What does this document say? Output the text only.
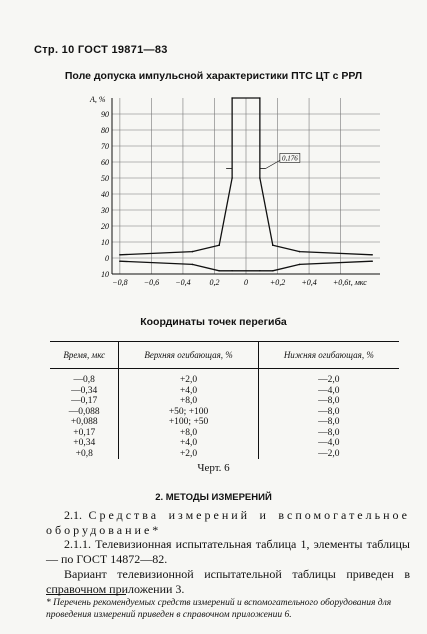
Стр. 10 ГОСТ 19871—83
Поле допуска импульсной характеристики ПТС ЦТ с РРЛ
10
0
10
20
30
40
50
60
70
80
90
−0,8 −0,6 −0,4 0,2	0	+0,2 +0,4 +0,6
A, %
t, мкс
0,176
Координаты точек перегиба
Время, мкс	Верхняя огибающая, %	Нижняя огибающая, %
—0,8	+2,0	—2,0
—0,34	+4,0	—4,0
—0,17	+8,0	—8,0
—0,088	+50; +100	—8,0
+0,088	+100; +50	—8,0
+0,17	+8,0	—8,0
+0,34	+4,0	—4,0
+0,8	+2,0	—2,0
Черт. 6
2. МЕТОДЫ ИЗМЕРЕНИЙ
2.1. Средства измерений и вспомогательное оборудование*
2.1.1. Телевизионная испытательная таблица 1, элементы таблицы — по ГОСТ 14872—82.
Вариант телевизионной испытательной таблицы приведен в справочном приложении 3.
* Перечень рекомендуемых средств измерений и вспомогательного оборудования для проведения измерений приведен в справочном приложении 6.
